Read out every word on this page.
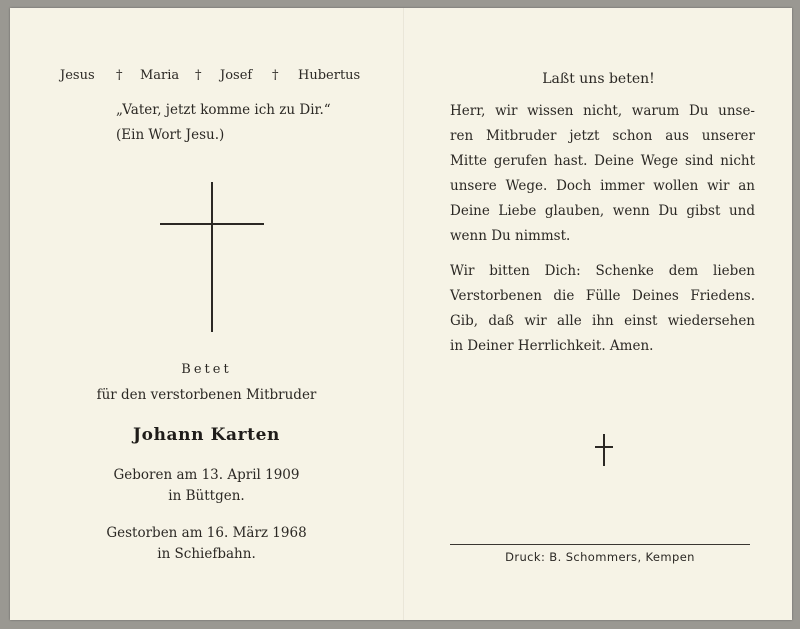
Jesus † Maria † Josef † Hubertus
„Vater, jetzt komme ich zu Dir.“
(Ein Wort Jesu.)
Betet
für den verstorbenen Mitbruder
Johann Karten
Geboren am 13. April 1909
in Büttgen.
Gestorben am 16. März 1968
in Schiefbahn.
Laßt uns beten!
Herr, wir wissen nicht, warum Du unse-
ren Mitbruder jetzt schon aus unserer
Mitte gerufen hast. Deine Wege sind nicht
unsere Wege. Doch immer wollen wir an
Deine Liebe glauben, wenn Du gibst und
wenn Du nimmst.
Wir bitten Dich: Schenke dem lieben
Verstorbenen die Fülle Deines Friedens.
Gib, daß wir alle ihn einst wiedersehen
in Deiner Herrlichkeit. Amen.
Druck: B. Schommers, Kempen
